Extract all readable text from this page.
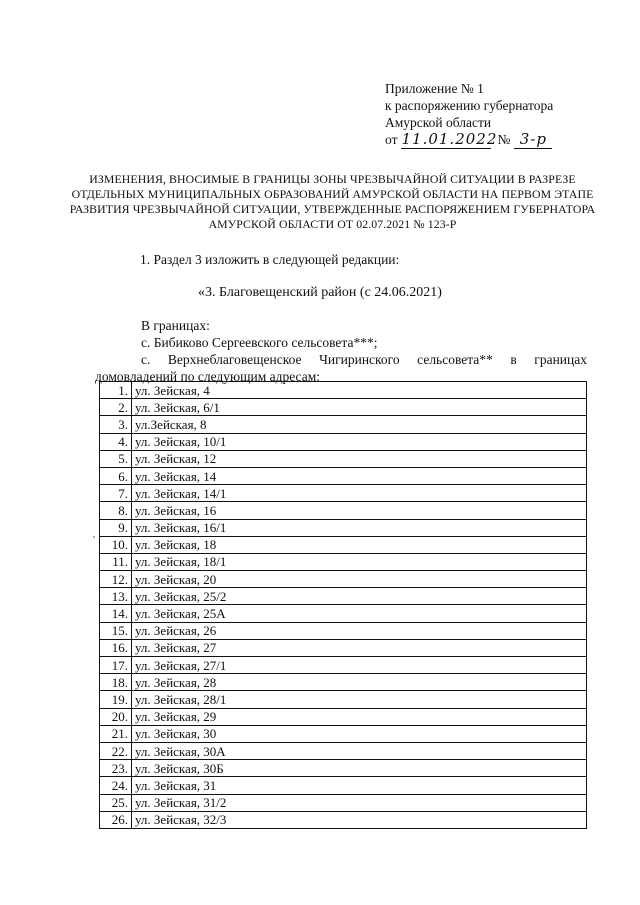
Приложение № 1
к распоряжению губернатора
Амурской области
от 11.01.2022 № 3-р
ИЗМЕНЕНИЯ, ВНОСИМЫЕ В ГРАНИЦЫ ЗОНЫ ЧРЕЗВЫЧАЙНОЙ СИТУАЦИИ В РАЗРЕЗЕ ОТДЕЛЬНЫХ МУНИЦИПАЛЬНЫХ ОБРАЗОВАНИЙ АМУРСКОЙ ОБЛАСТИ НА ПЕРВОМ ЭТАПЕ РАЗВИТИЯ ЧРЕЗВЫЧАЙНОЙ СИТУАЦИИ, УТВЕРЖДЕННЫЕ РАСПОРЯЖЕНИЕМ ГУБЕРНАТОРА АМУРСКОЙ ОБЛАСТИ ОТ 02.07.2021 № 123-Р
1. Раздел 3 изложить в следующей редакции:
«3. Благовещенский район (с 24.06.2021)
В границах:
с. Бибиково Сергеевского сельсовета***;
с. Верхнеблаговещенское Чигиринского сельсовета** в границах
домовладений по следующим адресам:
1.	ул. Зейская, 4
2.	ул. Зейская, 6/1
3.	ул.Зейская, 8
4.	ул. Зейская, 10/1
5.	ул. Зейская, 12
6.	ул. Зейская, 14
7.	ул. Зейская, 14/1
8.	ул. Зейская, 16
9.	ул. Зейская, 16/1
10.	ул. Зейская, 18
11.	ул. Зейская, 18/1
12.	ул. Зейская, 20
13.	ул. Зейская, 25/2
14.	ул. Зейская, 25А
15.	ул. Зейская, 26
16.	ул. Зейская, 27
17.	ул. Зейская, 27/1
18.	ул. Зейская, 28
19.	ул. Зейская, 28/1
20.	ул. Зейская, 29
21.	ул. Зейская, 30
22.	ул. Зейская, 30А
23.	ул. Зейская, 30Б
24.	ул. Зейская, 31
25.	ул. Зейская, 31/2
26.	ул. Зейская, 32/3
